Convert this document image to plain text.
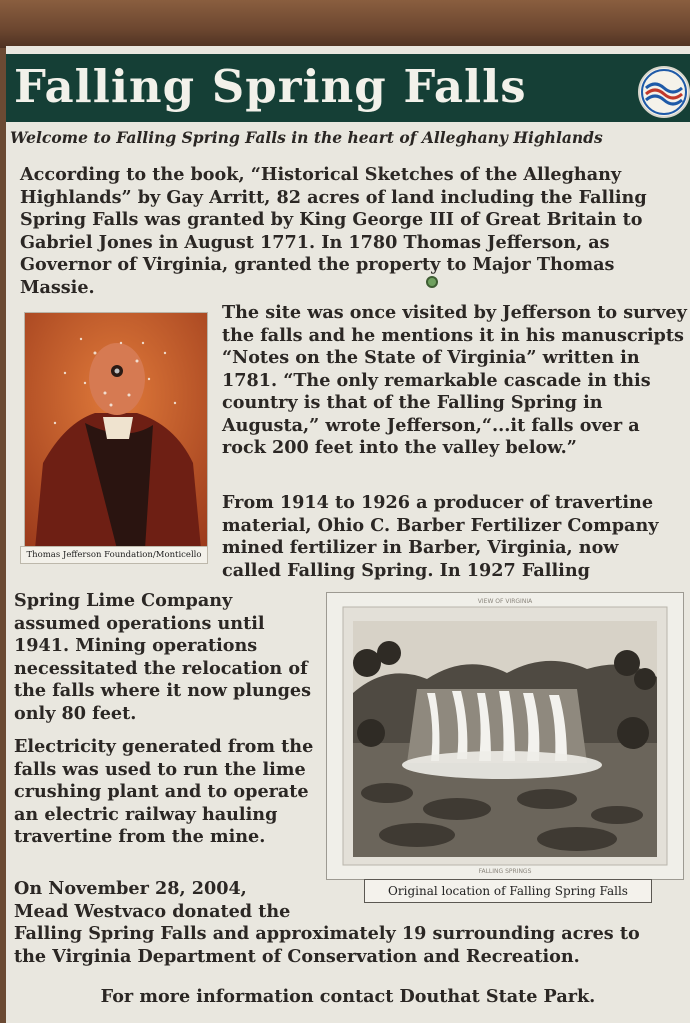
Falling Spring Falls
Welcome to Falling Spring Falls in the heart of Alleghany Highlands

According to the book, “Historical Sketches of the Alleghany Highlands” by Gay Arritt, 82 acres of land including the Falling Spring Falls was granted by King George III of Great Britain to Gabriel Jones in August 1771. In 1780 Thomas Jefferson, as Governor of Virginia, granted the property to Major Thomas Massie.

The site was once visited by Jefferson to survey the falls and he mentions it in his manuscripts “Notes on the State of Virginia” written in 1781. “The only remarkable cascade in this country is that of the Falling Spring in Augusta,” wrote Jefferson,“...it falls over a rock 200 feet into the valley below.”

From 1914 to 1926 a producer of travertine

material, Ohio C. Barber Fertilizer Company

mined fertilizer in Barber, Virginia, now

called Falling Spring. In 1927 Falling

Spring Lime Company assumed operations until 1941. Mining operations necessitated the relocation of the falls where it now plunges only 80 feet.

Electricity generated from the falls was used to run the lime crushing plant and to operate an electric railway hauling travertine from the mine.

On November 28, 2004,

Mead Westvaco donated the

Falling Spring Falls and approximately 19 surrounding acres to

the Virginia Department of Conservation and Recreation.

Thomas Jefferson Foundation/Monticello
VIEW OF VIRGINIA
FALLING SPRINGS
Original location of Falling Spring Falls
For more information contact Douthat State Park.
